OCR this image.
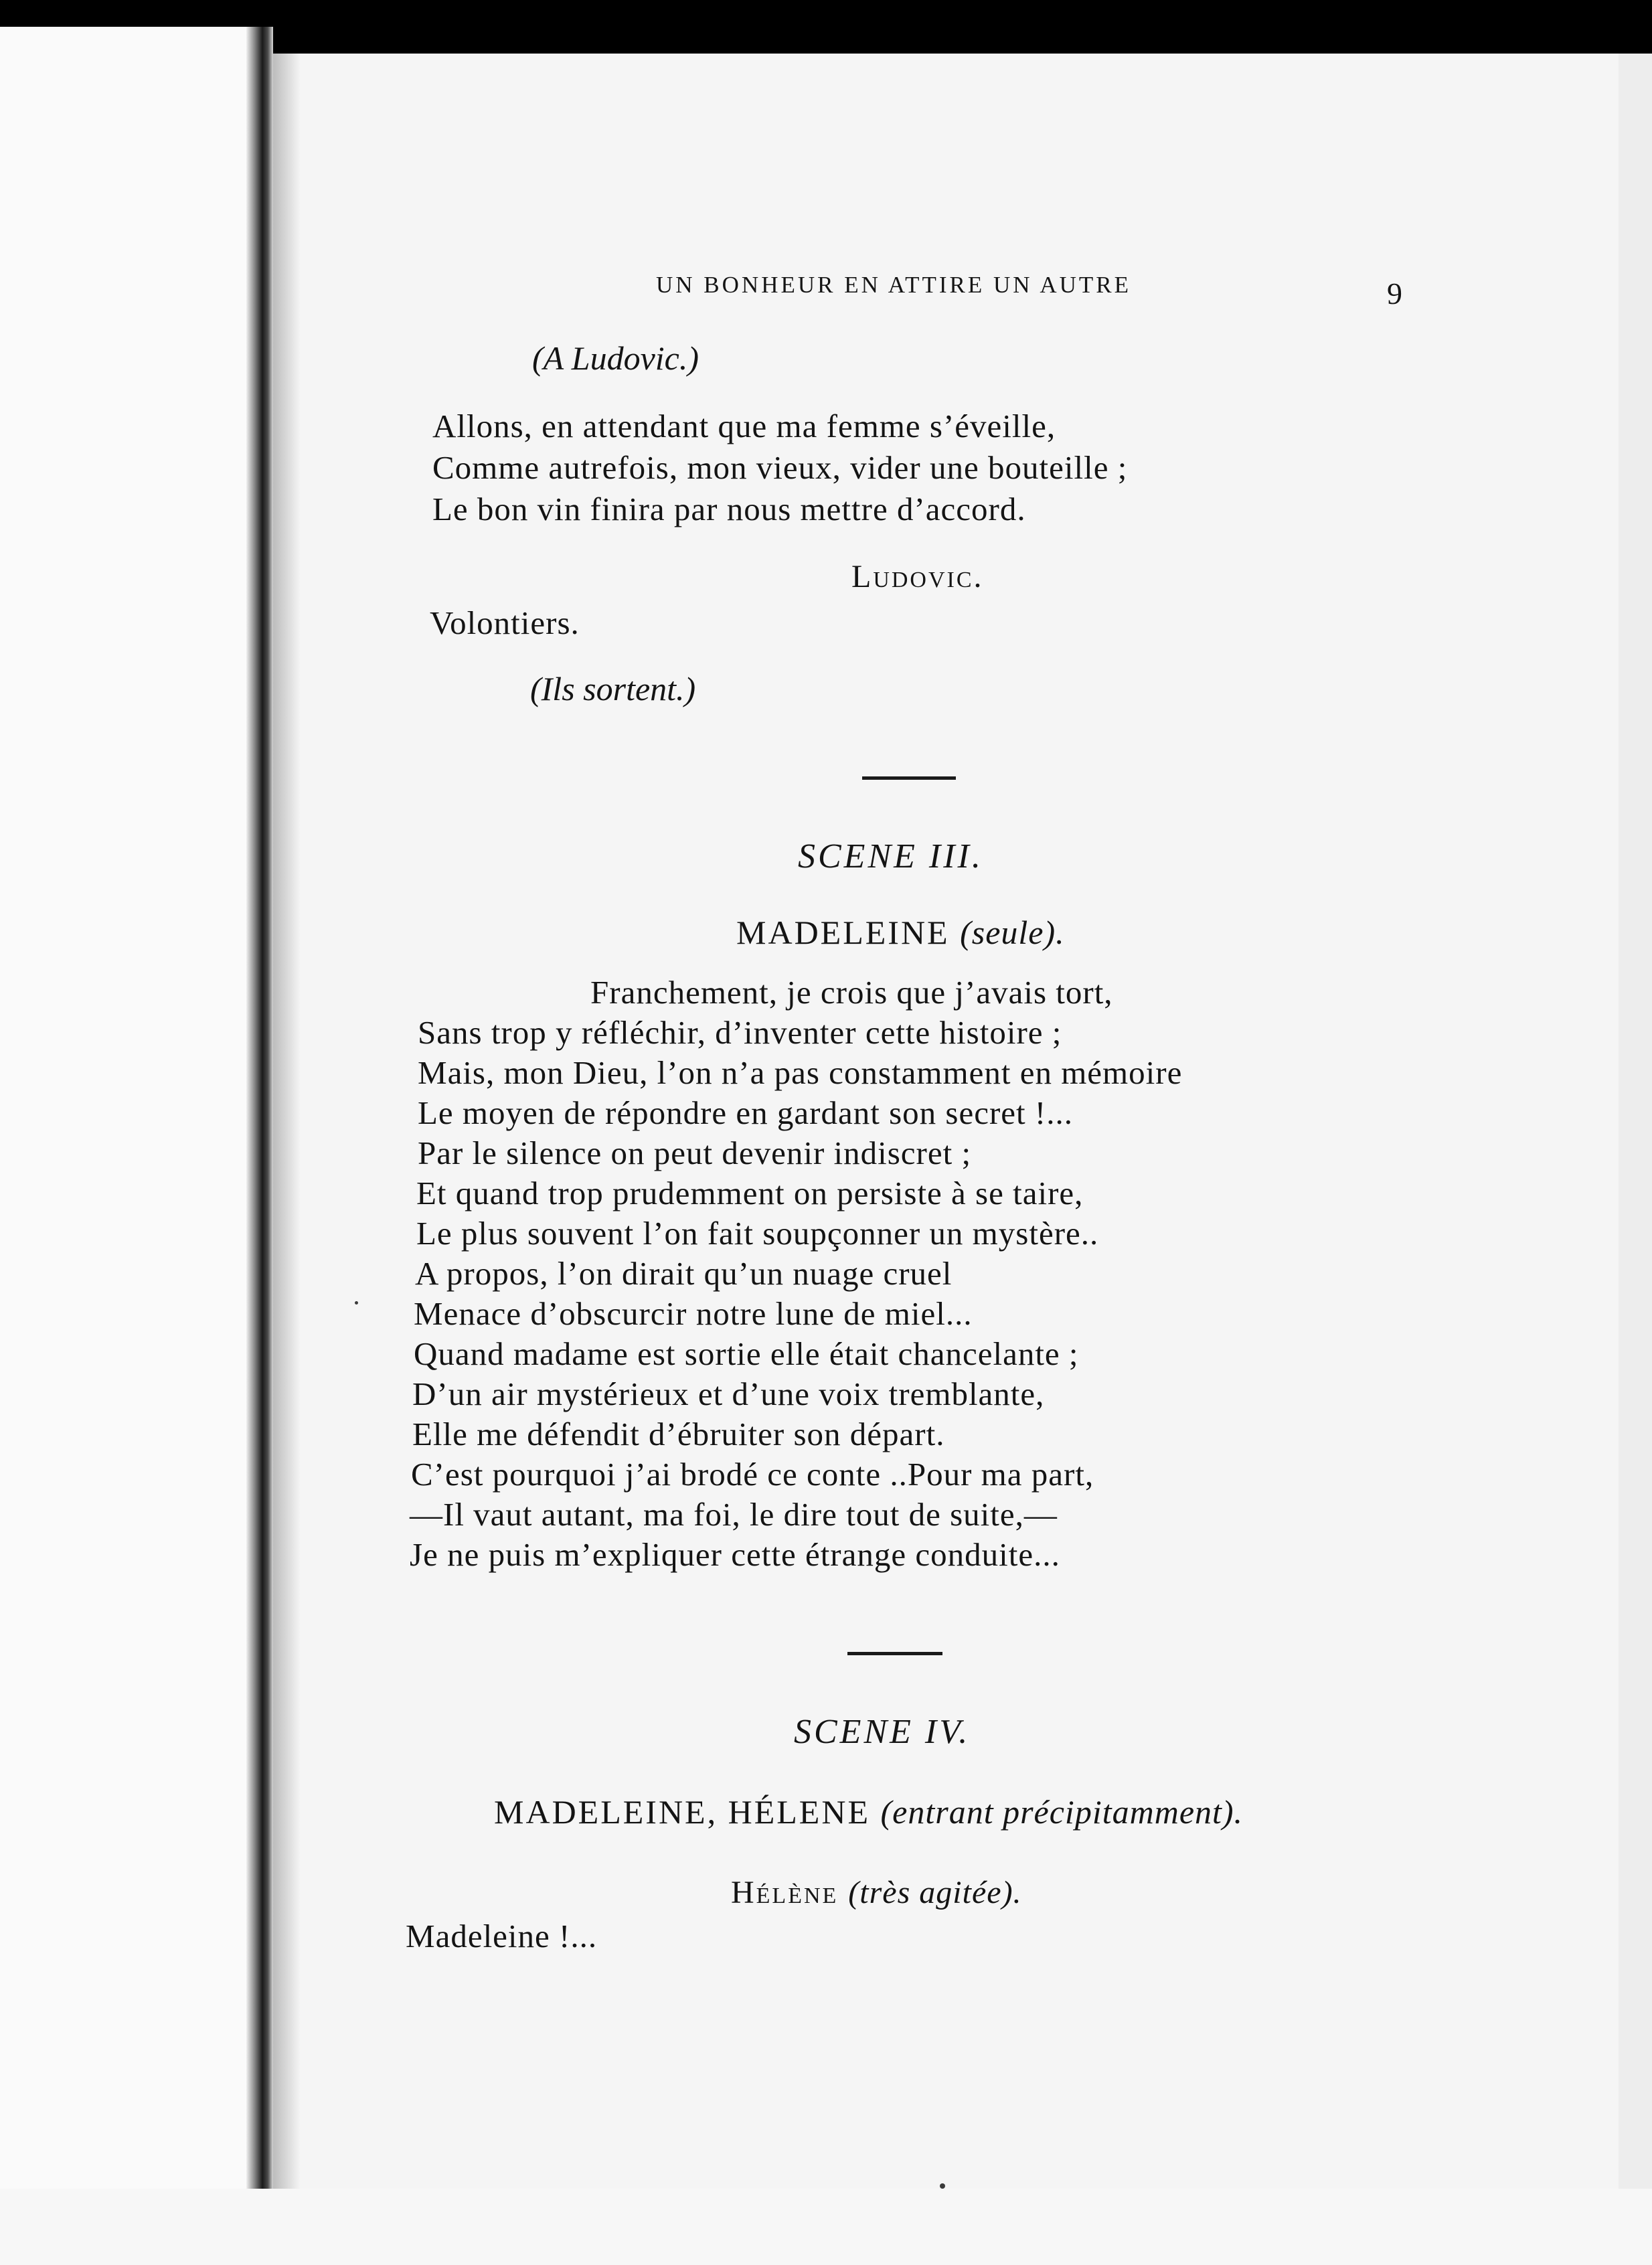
UN BONHEUR EN ATTIRE UN AUTRE	9
(A Ludovic.)
Allons, en attendant que ma femme s’éveille,
Comme autrefois, mon vieux, vider une bouteille ;
Le bon vin finira par nous mettre d’accord.
Ludovic.
Volontiers.
(Ils sortent.)
SCENE III.
MADELEINE (seule).
Franchement, je crois que j’avais tort,
Sans trop y réfléchir, d’inventer cette histoire ;
Mais, mon Dieu, l’on n’a pas constamment en mémoire
Le moyen de répondre en gardant son secret !...
Par le silence on peut devenir indiscret ;
Et quand trop prudemment on persiste à se taire,
Le plus souvent l’on fait soupçonner un mystère..
A propos, l’on dirait qu’un nuage cruel
Menace d’obscurcir notre lune de miel...
Quand madame est sortie elle était chancelante ;
D’un air mystérieux et d’une voix tremblante,
Elle me défendit d’ébruiter son départ.
C’est pourquoi j’ai brodé ce conte ..Pour ma part,
—Il vaut autant, ma foi, le dire tout de suite,—
Je ne puis m’expliquer cette étrange conduite...
SCENE IV.
MADELEINE, HÉLENE (entrant précipitamment).
Hélène (très agitée).
Madeleine !...
